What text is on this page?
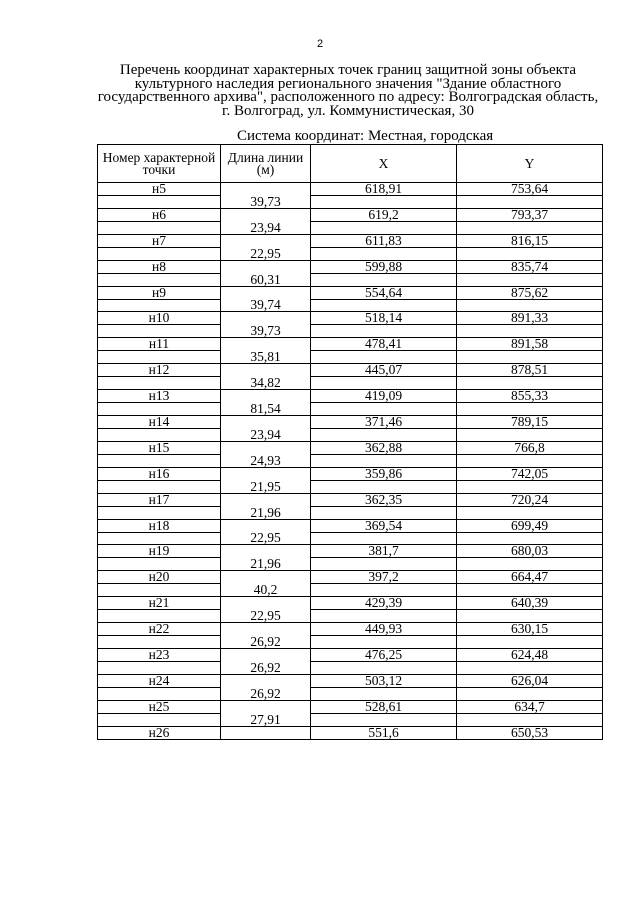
2
Перечень координат характерных точек границ защитной зоны объекта
культурного наследия регионального значения "Здание областного
государственного архива", расположенного по адресу: Волгоградская область,
г. Волгоград, ул. Коммунистическая, 30
Система координат: Местная, городская
Номер характерной точки	Длина линии (м)	X	Y
н5		618,91	753,64
	39,73		
н6		619,2	793,37
	23,94		
н7		611,83	816,15
	22,95		
н8		599,88	835,74
	60,31		
н9		554,64	875,62
	39,74		
н10		518,14	891,33
	39,73		
н11		478,41	891,58
	35,81		
н12		445,07	878,51
	34,82		
н13		419,09	855,33
	81,54		
н14		371,46	789,15
	23,94		
н15		362,88	766,8
	24,93		
н16		359,86	742,05
	21,95		
н17		362,35	720,24
	21,96		
н18		369,54	699,49
	22,95		
н19		381,7	680,03
	21,96		
н20		397,2	664,47
	40,2		
н21		429,39	640,39
	22,95		
н22		449,93	630,15
	26,92		
н23		476,25	624,48
	26,92		
н24		503,12	626,04
	26,92		
н25		528,61	634,7
	27,91		
н26		551,6	650,53
